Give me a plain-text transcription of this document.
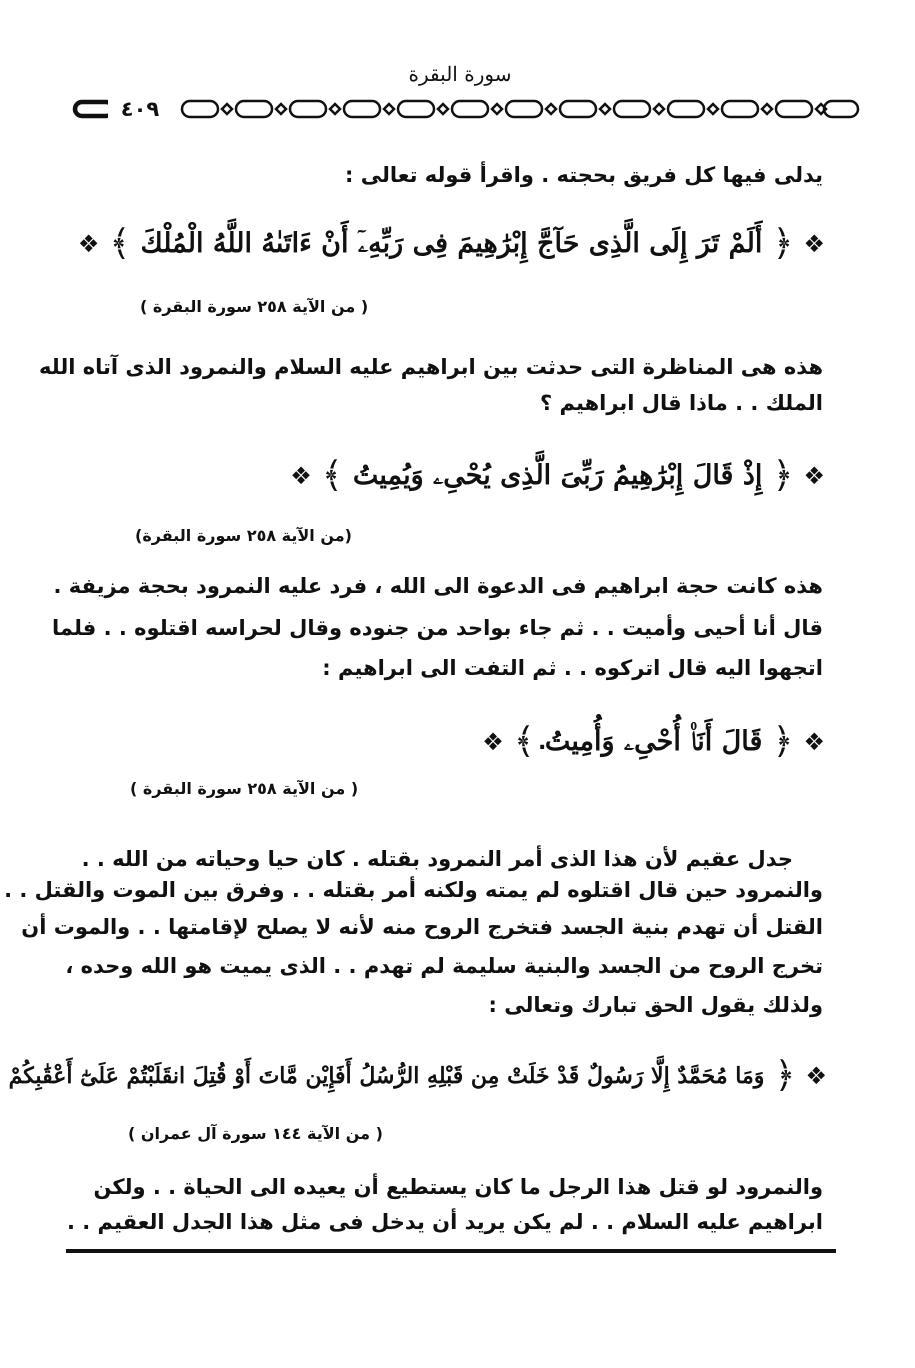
سورة البقرة
٤٠٩
يدلى فيها كل فريق بحجته . واقرأ قوله تعالى :
❖
﴿
أَلَمْ تَرَ إِلَى الَّذِى حَآجَّ إِبْرَٰهِيمَ فِى رَبِّهِۦٓ أَنْ ءَاتَىٰهُ اللَّهُ الْمُلْكَ
﴾
❖
( من الآية ٢٥٨ سورة البقرة )
هذه هى المناظرة التى حدثت بين ابراهيم عليه السلام والنمرود الذى آتاه الله
الملك . . ماذا قال ابراهيم ؟
❖
﴿
إِذْ قَالَ إِبْرَٰهِيمُ رَبِّىَ الَّذِى يُحْىِۦ وَيُمِيتُ
﴾
❖
(من الآية ٢٥٨ سورة البقرة)
هذه كانت حجة ابراهيم فى الدعوة الى الله ، فرد عليه النمرود بحجة مزيفة .
قال أنا أحيى وأميت . . ثم جاء بواحد من جنوده وقال لحراسه اقتلوه . . فلما
اتجهوا اليه قال اتركوه . . ثم التفت الى ابراهيم :
❖
﴿
قَالَ أَنَا۠ أُحْىِۦ وَأُمِيتُ
﴾
❖ .
( من الآية ٢٥٨ سورة البقرة )
جدل عقيم لأن هذا الذى أمر النمرود بقتله . كان حيا وحياته من الله . .
والنمرود حين قال اقتلوه لم يمته ولكنه أمر بقتله . . وفرق بين الموت والقتل . .
القتل أن تهدم بنية الجسد فتخرج الروح منه لأنه لا يصلح لإقامتها . . والموت أن
تخرج الروح من الجسد والبنية سليمة لم تهدم . . الذى يميت هو الله وحده ،
ولذلك يقول الحق تبارك وتعالى :
❖
﴿
وَمَا مُحَمَّدٌ إِلَّا رَسُولٌ قَدْ خَلَتْ مِن قَبْلِهِ الرُّسُلُ أَفَإِيْن مَّاتَ أَوْ قُتِلَ انقَلَبْتُمْ عَلَىٰٓ أَعْقَٰبِكُمْ
( من الآية ١٤٤ سورة آل عمران )
والنمرود لو قتل هذا الرجل ما كان يستطيع أن يعيده الى الحياة . . ولكن
ابراهيم عليه السلام . . لم يكن يريد أن يدخل فى مثل هذا الجدل العقيم . .
